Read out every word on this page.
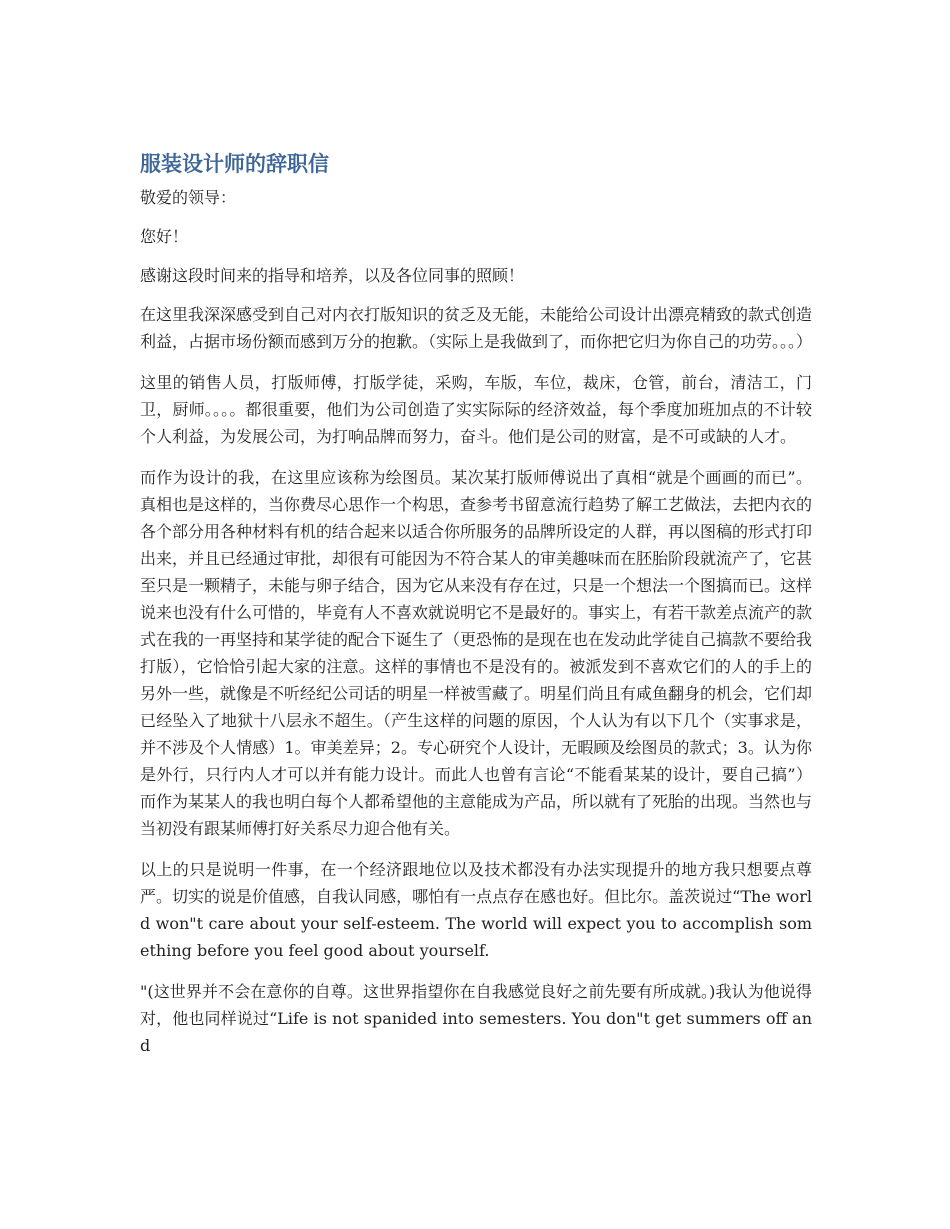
服装设计师的辞职信

敬爱的领导：

您好！

感谢这段时间来的指导和培养，以及各位同事的照顾！

在这里我深深感受到自己对内衣打版知识的贫乏及无能，未能给公司设计出漂亮精致的款式创造利益，占据市场份额而感到万分的抱歉。（实际上是我做到了，而你把它归为你自己的功劳。。。）

这里的销售人员，打版师傅，打版学徒，采购，车版，车位，裁床，仓管，前台，清洁工，门卫，厨师。。。。都很重要，他们为公司创造了实实际际的经济效益，每个季度加班加点的不计较个人利益，为发展公司，为打响品牌而努力，奋斗。他们是公司的财富，是不可或缺的人才。

而作为设计的我，在这里应该称为绘图员。某次某打版师傅说出了真相“就是个画画的而已”。真相也是这样的，当你费尽心思作一个构思，查参考书留意流行趋势了解工艺做法，去把内衣的各个部分用各种材料有机的结合起来以适合你所服务的品牌所设定的人群，再以图稿的形式打印出来，并且已经通过审批，却很有可能因为不符合某人的审美趣味而在胚胎阶段就流产了，它甚至只是一颗精子，未能与卵子结合，因为它从来没有存在过，只是一个想法一个图搞而已。这样说来也没有什么可惜的，毕竟有人不喜欢就说明它不是最好的。事实上，有若干款差点流产的款式在我的一再坚持和某学徒的配合下诞生了（更恐怖的是现在也在发动此学徒自己搞款不要给我打版），它恰恰引起大家的注意。这样的事情也不是没有的。被派发到不喜欢它们的人的手上的另外一些，就像是不听经纪公司话的明星一样被雪藏了。明星们尚且有咸鱼翻身的机会，它们却已经坠入了地狱十八层永不超生。（产生这样的问题的原因，个人认为有以下几个（实事求是，并不涉及个人情感）1。审美差异；2。专心研究个人设计，无暇顾及绘图员的款式；3。认为你是外行，只行内人才可以并有能力设计。而此人也曾有言论“不能看某某的设计，要自己搞”）而作为某某人的我也明白每个人都希望他的主意能成为产品，所以就有了死胎的出现。当然也与当初没有跟某师傅打好关系尽力迎合他有关。

以上的只是说明一件事，在一个经济跟地位以及技术都没有办法实现提升的地方我只想要点尊严。切实的说是价值感，自我认同感，哪怕有一点点存在感也好。但比尔。盖茨说过“The world won"t care about your self-esteem. The world will expect you to accomplish something before you feel good about yourself.

"(这世界并不会在意你的自尊。这世界指望你在自我感觉良好之前先要有所成就。)我认为他说得对，他也同样说过“Life is not spanided into semesters. You don"t get summers off and
